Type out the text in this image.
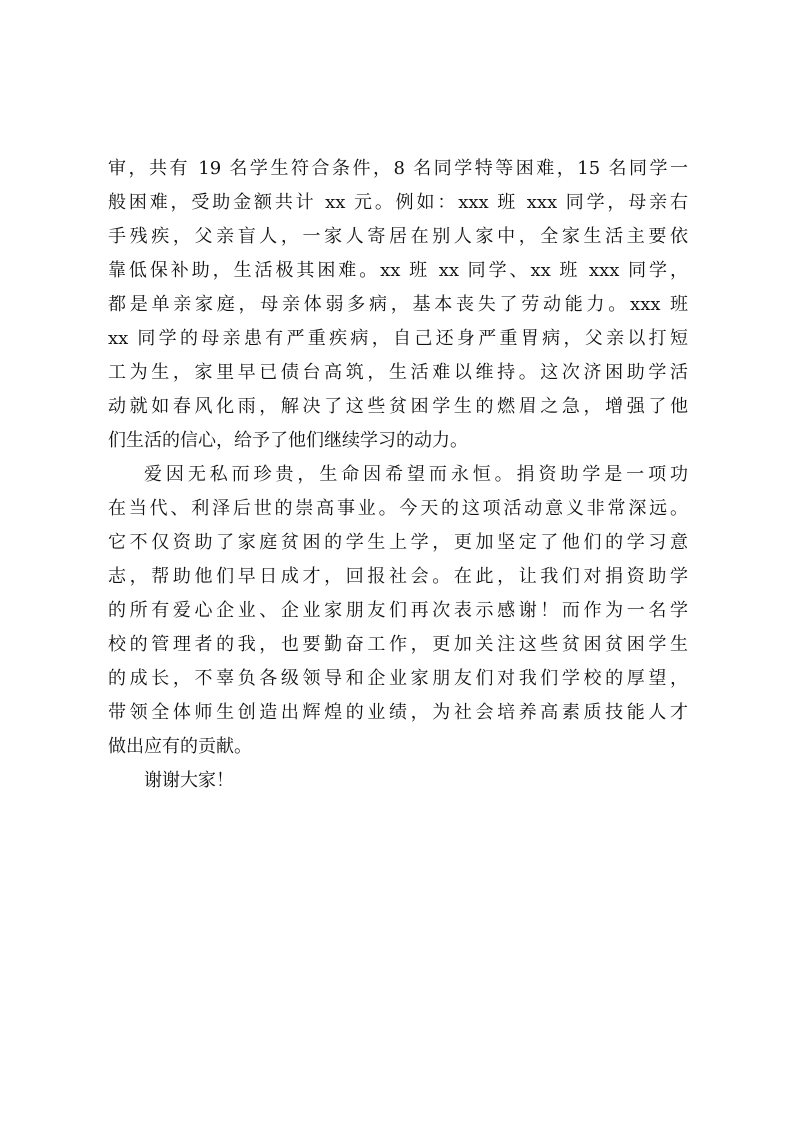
审，共有 19 名学生符合条件，8 名同学特等困难，15 名同学一
般困难，受助金额共计 xx 元。例如：xxx 班 xxx 同学，母亲右
手残疾，父亲盲人，一家人寄居在别人家中，全家生活主要依
靠低保补助，生活极其困难。xx 班 xx 同学、xx 班 xxx 同学，
都是单亲家庭，母亲体弱多病，基本丧失了劳动能力。xxx 班
xx 同学的母亲患有严重疾病，自己还身严重胃病，父亲以打短
工为生，家里早已债台高筑，生活难以维持。这次济困助学活
动就如春风化雨，解决了这些贫困学生的燃眉之急，增强了他
们生活的信心，给予了他们继续学习的动力。
爱因无私而珍贵，生命因希望而永恒。捐资助学是一项功
在当代、利泽后世的崇高事业。今天的这项活动意义非常深远。
它不仅资助了家庭贫困的学生上学，更加坚定了他们的学习意
志，帮助他们早日成才，回报社会。在此，让我们对捐资助学
的所有爱心企业、企业家朋友们再次表示感谢！而作为一名学
校的管理者的我，也要勤奋工作，更加关注这些贫困贫困学生
的成长，不辜负各级领导和企业家朋友们对我们学校的厚望，
带领全体师生创造出辉煌的业绩，为社会培养高素质技能人才
做出应有的贡献。
谢谢大家！
